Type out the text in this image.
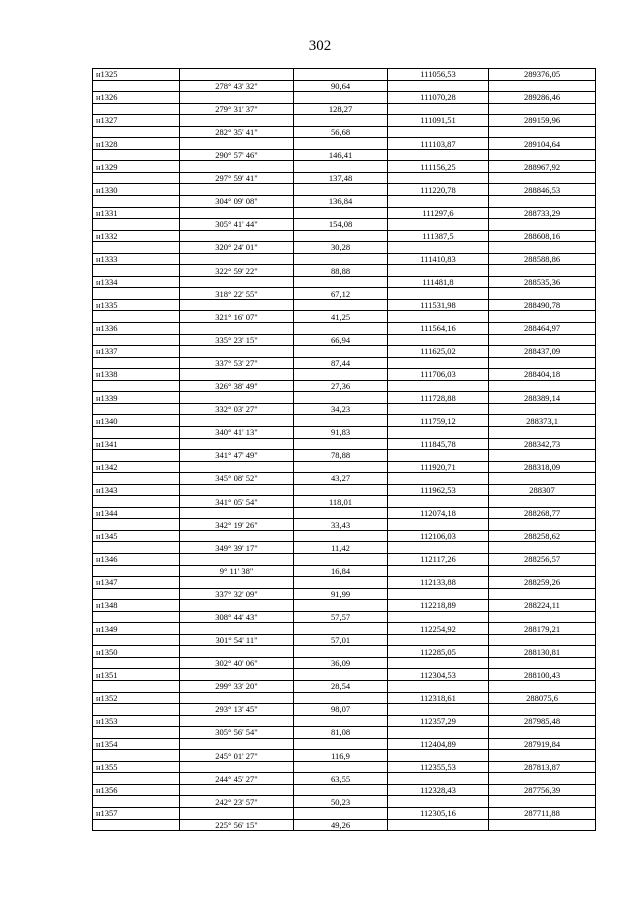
302
н1325			111056,53	289376,05
	278° 43' 32"	90,64		
н1326			111070,28	289286,46
	279° 31' 37"	128,27		
н1327			111091,51	289159,96
	282° 35' 41"	56,68		
н1328			111103,87	289104,64
	290° 57' 46"	146,41		
н1329			111156,25	288967,92
	297° 59' 41"	137,48		
н1330			111220,78	288846,53
	304° 09' 08"	136,84		
н1331			111297,6	288733,29
	305° 41' 44"	154,08		
н1332			111387,5	288608,16
	320° 24' 01"	30,28		
н1333			111410,83	288588,86
	322° 59' 22"	88,88		
н1334			111481,8	288535,36
	318° 22' 55"	67,12		
н1335			111531,98	288490,78
	321° 16' 07"	41,25		
н1336			111564,16	288464,97
	335° 23' 15"	66,94		
н1337			111625,02	288437,09
	337° 53' 27"	87,44		
н1338			111706,03	288404,18
	326° 38' 49"	27,36		
н1339			111728,88	288389,14
	332° 03' 27"	34,23		
н1340			111759,12	288373,1
	340° 41' 13"	91,83		
н1341			111845,78	288342,73
	341° 47' 49"	78,88		
н1342			111920,71	288318,09
	345° 08' 52"	43,27		
н1343			111962,53	288307
	341° 05' 54"	118,01		
н1344			112074,18	288268,77
	342° 19' 26"	33,43		
н1345			112106,03	288258,62
	349° 39' 17"	11,42		
н1346			112117,26	288256,57
	9° 11' 38"	16,84		
н1347			112133,88	288259,26
	337° 32' 09"	91,99		
н1348			112218,89	288224,11
	308° 44' 43"	57,57		
н1349			112254,92	288179,21
	301° 54' 11"	57,01		
н1350			112285,05	288130,81
	302° 40' 06"	36,09		
н1351			112304,53	288100,43
	299° 33' 20"	28,54		
н1352			112318,61	288075,6
	293° 13' 45"	98,07		
н1353			112357,29	287985,48
	305° 56' 54"	81,08		
н1354			112404,89	287919,84
	245° 01' 27"	116,9		
н1355			112355,53	287813,87
	244° 45' 27"	63,55		
н1356			112328,43	287756,39
	242° 23' 57"	50,23		
н1357			112305,16	287711,88
	225° 56' 15"	49,26		
